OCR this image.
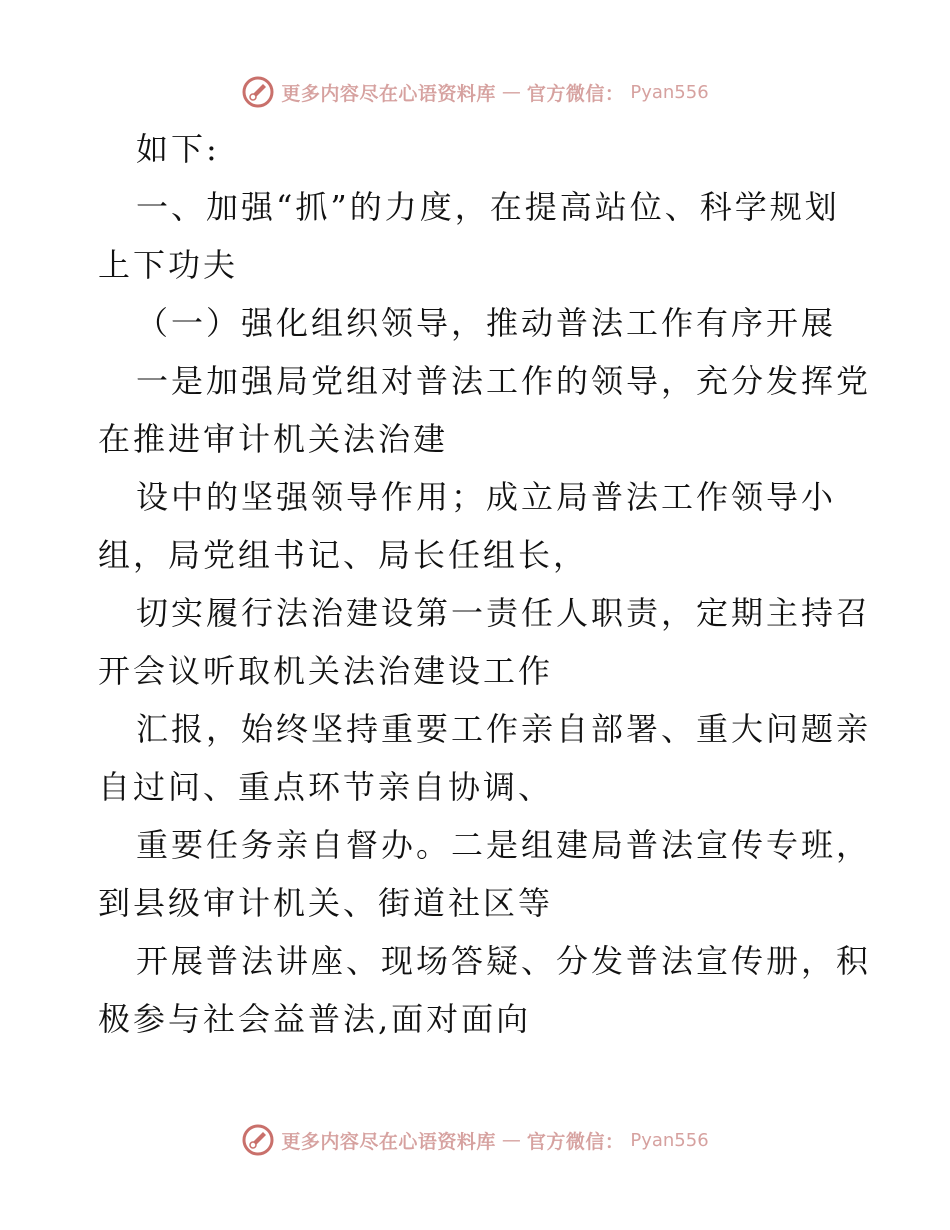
更多内容尽在心语资料库 — 官方微信： Pyan556

如下:

一、加强“抓”的力度，在提高站位、科学规划

上下功夫

（一）强化组织领导，推动普法工作有序开展

一是加强局党组对普法工作的领导，充分发挥党

在推进审计机关法治建

设中的坚强领导作用；成立局普法工作领导小

组，局党组书记、局长任组长，

切实履行法治建设第一责任人职责，定期主持召

开会议听取机关法治建设工作

汇报，始终坚持重要工作亲自部署、重大问题亲

自过问、重点环节亲自协调、

重要任务亲自督办。二是组建局普法宣传专班，

到县级审计机关、街道社区等

开展普法讲座、现场答疑、分发普法宣传册，积

极参与社会益普法,面对面向

更多内容尽在心语资料库 — 官方微信： Pyan556
